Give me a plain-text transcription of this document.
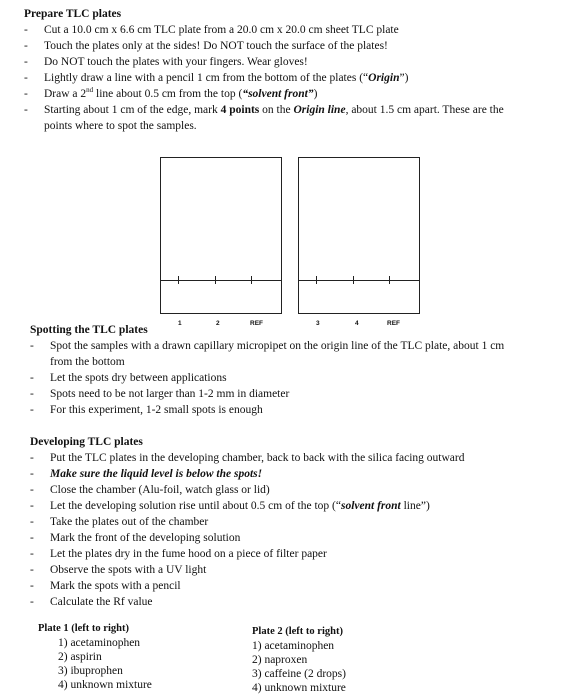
Prepare TLC plates
- Cut a 10.0 cm x 6.6 cm TLC plate from a 20.0 cm x 20.0 cm sheet TLC plate
- Touch the plates only at the sides! Do NOT touch the surface of the plates!
- Do NOT touch the plates with your fingers. Wear gloves!
- Lightly draw a line with a pencil 1 cm from the bottom of the plates (“Origin”)
- Draw a 2nd line about 0.5 cm from the top (“solvent front”)
- Starting about 1 cm of the edge, mark 4 points on the Origin line, about 1.5 cm apart. These are the
points where to spot the samples.
1	2	REF	3	4	REF
Spotting the TLC plates
- Spot the samples with a drawn capillary micropipet on the origin line of the TLC plate, about 1 cm
from the bottom
- Let the spots dry between applications
- Spots need to be not larger than 1-2 mm in diameter
- For this experiment, 1-2 small spots is enough
Developing TLC plates
- Put the TLC plates in the developing chamber, back to back with the silica facing outward
- Make sure the liquid level is below the spots!
- Close the chamber (Alu-foil, watch glass or lid)
- Let the developing solution rise until about 0.5 cm of the top (“solvent front line”)
- Take the plates out of the chamber
- Mark the front of the developing solution
- Let the plates dry in the fume hood on a piece of filter paper
- Observe the spots with a UV light
- Mark the spots with a pencil
- Calculate the Rf value
Plate 1 (left to right)
1) acetaminophen
2) aspirin
3) ibuprophen
4) unknown mixture
Plate 2 (left to right)
1) acetaminophen
2) naproxen
3) caffeine (2 drops)
4) unknown mixture
